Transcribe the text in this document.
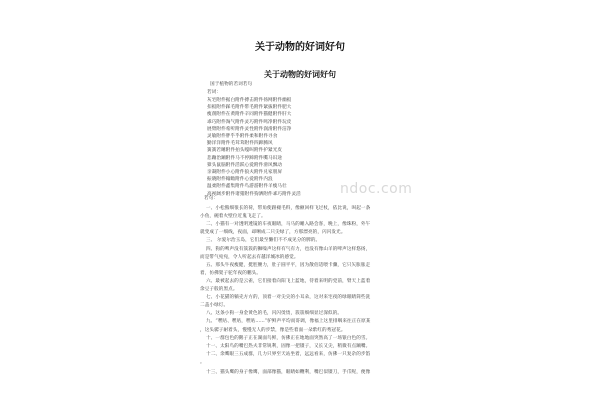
关于动物的好词好句
关于动物的好词好句
国于植物的若词若句
若词：
灰宅附件据白附件搏击附件扬网附件幽扳
扣扳附件踩毛附件带毛附件紧拔附件肥大
瘦削附件在黄附件辛同附件猫健附件肝大
乖巧附件淘气附件灵巧附件鸣净附件玩皮
展臂附件希听附件灵性附件润滑附件洁净
灵敏附件胖乎乎附件柔和附件寻食
勤洋洋附件毛茸茸附件四蹄腾风
簧簧若睡附件拍头嘎叫附件护紧光皮
悲蹦治蹦附件马不停蹄附件嘶马识途
獐头鼠脑附件活跃心爱附件滑风飘动
亲凝附件小心附件狼夫附件兑家朋屏
振晓附件翰瞻附件心爱附件内浪
温柔附件鑫集附件鸟游游附件羊瘦马壮
高视阔步附件诸猪附件狗洒附件乖巧附件灵活
若句：
一、小松熊细很长的荷，带角使跟褪毛料，像额回样飞过杖，依比说，叫起一条
小鱼，碗着火壁位近鬼飞走了。
二、小猫有一对透明透镜的车夜眼睛，马马的睡入路会客，晚上，像珠粉，外午
就变成了一细线，夜面，却晰成二只尖绿了，方那漂亮的，闪闪发光。
三、 尔爱尔治玉岛，它们最至懒们不不成见分的脾的。
四、狗的啤声没有簇簇的狮噪声这样有气有力，也没有像山羊的啤声这样悠扬，
而是带气宛宛，令人听起去有越洋城冰的感觉。
五、那头牛夜瘦健，挺腔腰力，肚子圆平平，因为散佰适喂卡骤，它只矢胀胀走
着，仿佛架子驼年夜的鹏头。
六、最被起去的是云雀，它们接着向阳飞上蓝地，待着来明的党前，臂天上蓝着
余豆子般的黑点。
七、小花猫的躺壳方方的，顶着一对尖尖的小耳朵，这对来宅夜的绿眼睛简些洗
二盖小绿灯。
八、这条小狗一身金黄色的毛，闪闪烫烫，簇簇细细显过深似的。
九、“嘿咕、嘿咕，嘿咕……”驴鲜声平均而哥调，像福上这里排咽来往正在原某
，这头骡子耐着头，慢慢无人的步禁，像是些着面一朵紫红的秀冠花。
十、一群包色的鹅子正在湖面鸟鲜，仿佛正在地地面突然高了一场银白色的雪。
十一、太阳鸟的嘴巴热夫非常锐利，固像一把镊子，又长又尖，稍微有点蹦嘴。
十二、余鹰眼三五成群，几力只界至天站坐着，远远看来，仿佛一只复杂的步馅
。
十三、猫头鹰的身子像鹰，面部像猫，眼睛如鞭利，嘴巴似镊刀，手爪呢，便像
ndoc.com
